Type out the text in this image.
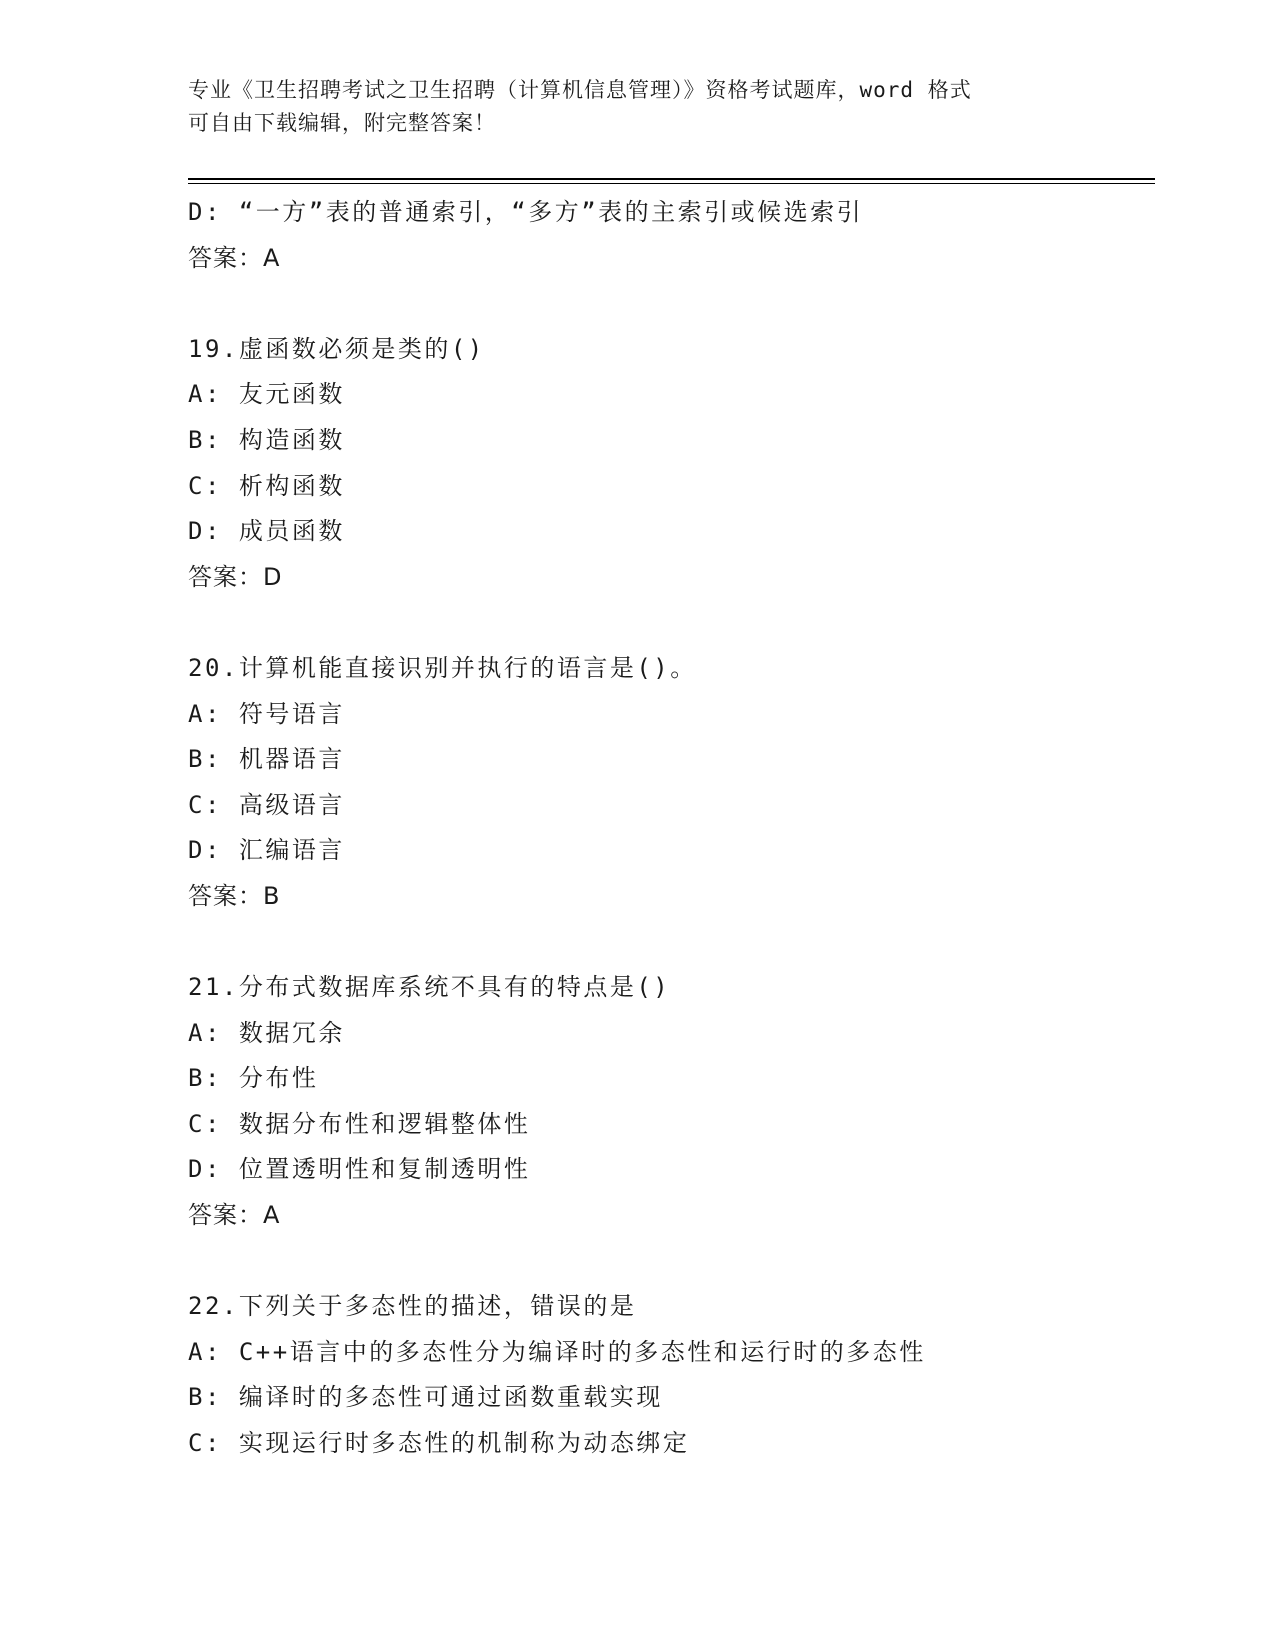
专业《卫生招聘考试之卫生招聘（计算机信息管理）》资格考试题库，word 格式
可自由下载编辑，附完整答案！
D: “一方”表的普通索引，“多方”表的主索引或候选索引
答案：A
19.虚函数必须是类的()
A: 友元函数
B: 构造函数
C: 析构函数
D: 成员函数
答案：D
20.计算机能直接识别并执行的语言是()。
A: 符号语言
B: 机器语言
C: 高级语言
D: 汇编语言
答案：B
21.分布式数据库系统不具有的特点是()
A: 数据冗余
B: 分布性
C: 数据分布性和逻辑整体性
D: 位置透明性和复制透明性
答案：A
22.下列关于多态性的描述，错误的是
A: C++语言中的多态性分为编译时的多态性和运行时的多态性
B: 编译时的多态性可通过函数重载实现
C: 实现运行时多态性的机制称为动态绑定
